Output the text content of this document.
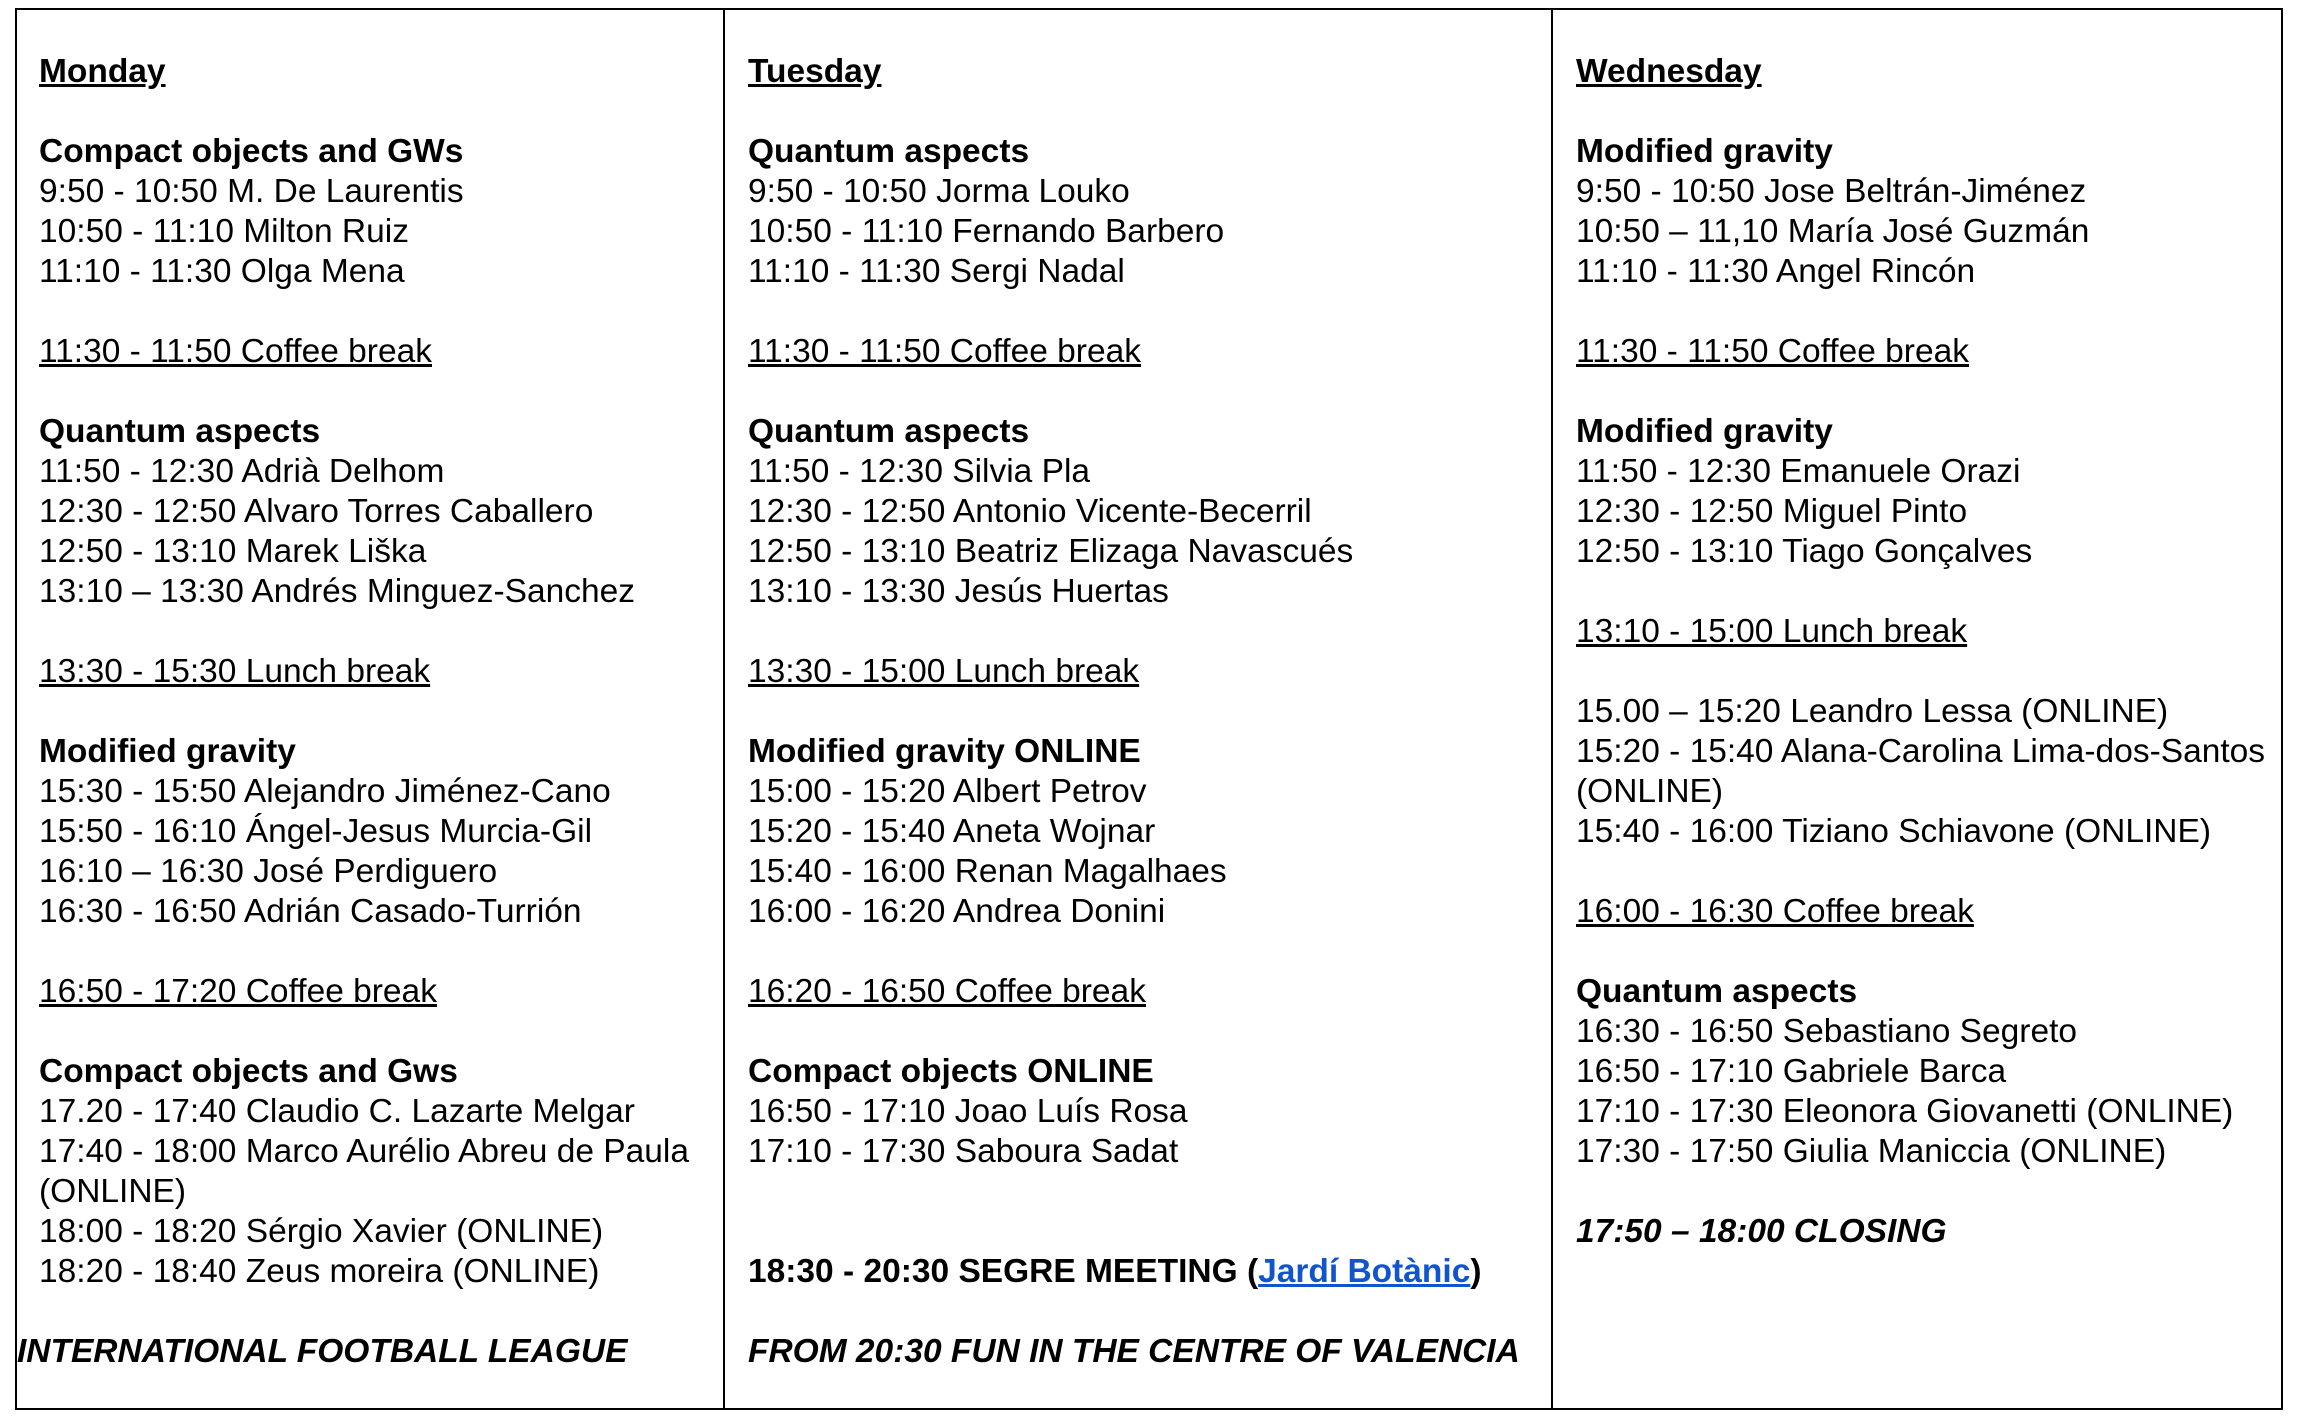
Monday
Compact objects and GWs
9:50 - 10:50 M. De Laurentis
10:50 - 11:10 Milton Ruiz
11:10 - 11:30 Olga Mena
11:30 - 11:50 Coffee break
Quantum aspects
11:50 - 12:30 Adrià Delhom
12:30 - 12:50 Alvaro Torres Caballero
12:50 - 13:10 Marek Liška
13:10 – 13:30 Andrés Minguez-Sanchez
13:30 - 15:30 Lunch break
Modified gravity
15:30 - 15:50 Alejandro Jiménez-Cano
15:50 - 16:10 Ángel-Jesus Murcia-Gil
16:10 – 16:30 José Perdiguero
16:30 - 16:50 Adrián Casado-Turrión
16:50 - 17:20 Coffee break
Compact objects and Gws
17.20 - 17:40 Claudio C. Lazarte Melgar
17:40 - 18:00 Marco Aurélio Abreu de Paula (ONLINE)
18:00 - 18:20 Sérgio Xavier (ONLINE)
18:20 - 18:40 Zeus moreira (ONLINE)
INTERNATIONAL FOOTBALL LEAGUE
Tuesday
Quantum aspects
9:50 - 10:50 Jorma Louko
10:50 - 11:10 Fernando Barbero
11:10 - 11:30 Sergi Nadal
11:30 - 11:50 Coffee break
Quantum aspects
11:50 - 12:30 Silvia Pla
12:30 - 12:50 Antonio Vicente-Becerril
12:50 - 13:10 Beatriz Elizaga Navascués
13:10 - 13:30 Jesús Huertas
13:30 - 15:00 Lunch break
Modified gravity ONLINE
15:00 - 15:20 Albert Petrov
15:20 - 15:40 Aneta Wojnar
15:40 - 16:00 Renan Magalhaes
16:00 - 16:20 Andrea Donini
16:20 - 16:50 Coffee break
Compact objects ONLINE
16:50 - 17:10 Joao Luís Rosa
17:10 - 17:30 Saboura Sadat
18:30 - 20:30 SEGRE MEETING (Jardí Botànic)
FROM 20:30 FUN IN THE CENTRE OF VALENCIA
Wednesday
Modified gravity
9:50 - 10:50 Jose Beltrán-Jiménez
10:50 – 11,10 María José Guzmán
11:10 - 11:30 Angel Rincón
11:30 - 11:50 Coffee break
Modified gravity
11:50 - 12:30 Emanuele Orazi
12:30 - 12:50 Miguel Pinto
12:50 - 13:10 Tiago Gonçalves
13:10 - 15:00 Lunch break
15.00 – 15:20 Leandro Lessa (ONLINE)
15:20 - 15:40 Alana-Carolina Lima-dos-Santos (ONLINE)
15:40 - 16:00 Tiziano Schiavone (ONLINE)
16:00 - 16:30 Coffee break
Quantum aspects
16:30 - 16:50 Sebastiano Segreto
16:50 - 17:10 Gabriele Barca
17:10 - 17:30 Eleonora Giovanetti (ONLINE)
17:30 - 17:50 Giulia Maniccia (ONLINE)
17:50 – 18:00 CLOSING
